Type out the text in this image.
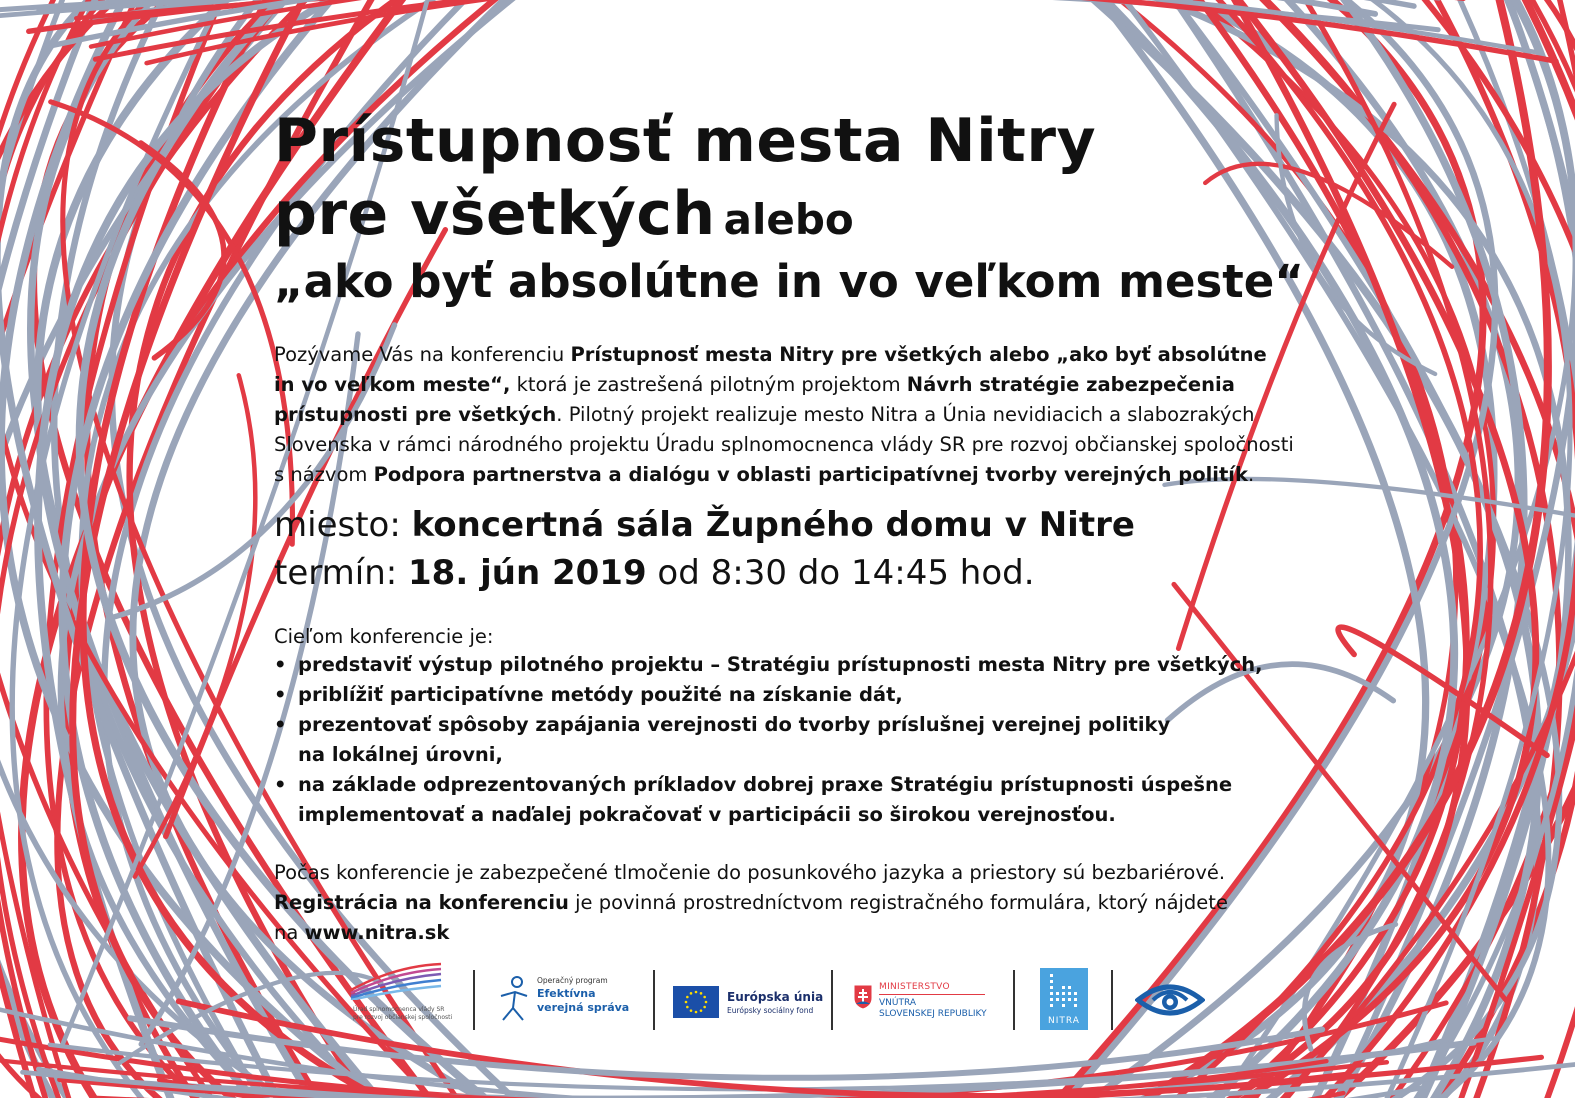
Prístupnosť mesta Nitry
pre všetkých alebo
„ako byť absolútne in vo veľkom meste“

Pozývame Vás na konferenciu Prístupnosť mesta Nitry pre všetkých alebo „ako byť absolútne

in vo veľkom meste“, ktorá je zastrešená pilotným projektom Návrh stratégie zabezpečenia

prístupnosti pre všetkých. Pilotný projekt realizuje mesto Nitra a Únia nevidiacich a slabozrakých

Slovenska v rámci národného projektu Úradu splnomocnenca vlády SR pre rozvoj občianskej spoločnosti

s názvom Podpora partnerstva a dialógu v oblasti participatívnej tvorby verejných politík.

miesto: koncertná sála Župného domu v Nitre
termín: 18. jún 2019 od 8:30 do 14:45 hod.
Cieľom konferencie je:
• predstaviť výstup pilotného projektu – Stratégiu prístupnosti mesta Nitry pre všetkých,
• priblížiť participatívne metódy použité na získanie dát,
• prezentovať spôsoby zapájania verejnosti do tvorby príslušnej verejnej politiky
na lokálnej úrovni,
• na základe odprezentovaných príkladov dobrej praxe Stratégiu prístupnosti úspešne
implementovať a naďalej pokračovať v participácii so širokou verejnosťou.

Počas konferencie je zabezpečené tlmočenie do posunkového jazyka a priestory sú bezbariérové.

Registrácia na konferenciu je povinná prostredníctvom registračného formulára, ktorý nájdete

na www.nitra.sk

Úrad splnomocnenca vlády SR pre rozvoj občianskej spoločnosti
Operačný program
Efektívna
verejná správa
Európska únia
Európsky sociálny fond
MINISTERSTVO
VNÚTRA
SLOVENSKEJ REPUBLIKY
NITRA
